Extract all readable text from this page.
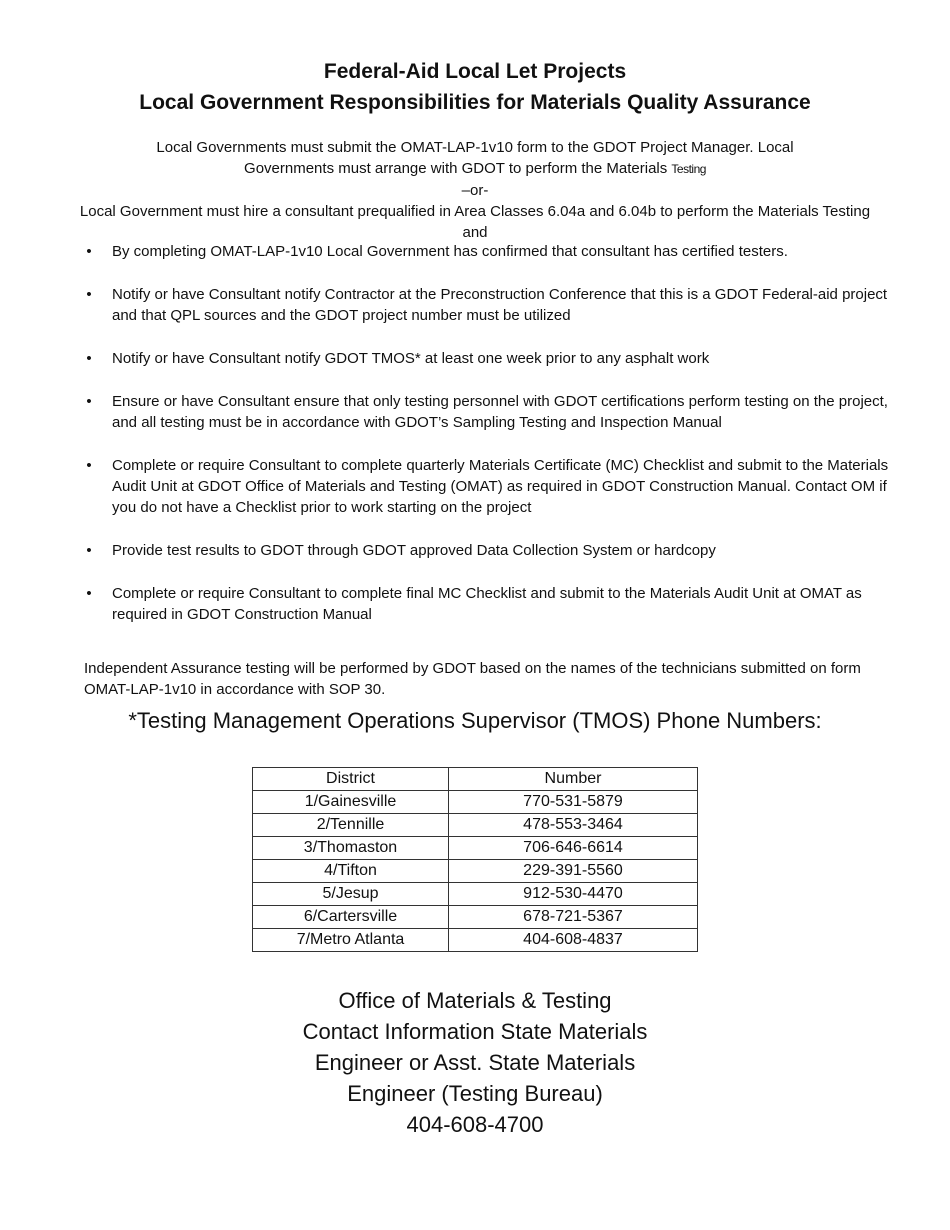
Federal-Aid Local Let Projects
Local Government Responsibilities for Materials Quality Assurance
Local Governments must submit the OMAT-LAP-1v10 form to the GDOT Project Manager. Local
Governments must arrange with GDOT to perform the Materials Testing
–or-
Local Government must hire a consultant prequalified in Area Classes 6.04a and 6.04b to perform the Materials Testing
and
• By completing OMAT-LAP-1v10 Local Government has confirmed that consultant has certified testers.
• Notify or have Consultant notify Contractor at the Preconstruction Conference that this is a GDOT Federal-aid project and that QPL sources and the GDOT project number must be utilized
• Notify or have Consultant notify GDOT TMOS* at least one week prior to any asphalt work
• Ensure or have Consultant ensure that only testing personnel with GDOT certifications perform testing on the project, and all testing must be in accordance with GDOT’s Sampling Testing and Inspection Manual
• Complete or require Consultant to complete quarterly Materials Certificate (MC) Checklist and submit to the Materials Audit Unit at GDOT Office of Materials and Testing (OMAT) as required in GDOT Construction Manual. Contact OM if you do not have a Checklist prior to work starting on the project
• Provide test results to GDOT through GDOT approved Data Collection System or hardcopy
• Complete or require Consultant to complete final MC Checklist and submit to the Materials Audit Unit at OMAT as required in GDOT Construction Manual

Independent Assurance testing will be performed by GDOT based on the names of the technicians submitted on form OMAT-LAP-1v10 in accordance with SOP 30.

*Testing Management Operations Supervisor (TMOS) Phone Numbers:
District	Number
1/Gainesville	770-531-5879
2/Tennille	478-553-3464
3/Thomaston	706-646-6614
4/Tifton	229-391-5560
5/Jesup	912-530-4470
6/Cartersville	678-721-5367
7/Metro Atlanta	404-608-4837
Office of Materials & Testing
Contact Information State Materials
Engineer or Asst. State Materials
Engineer (Testing Bureau)
404-608-4700
